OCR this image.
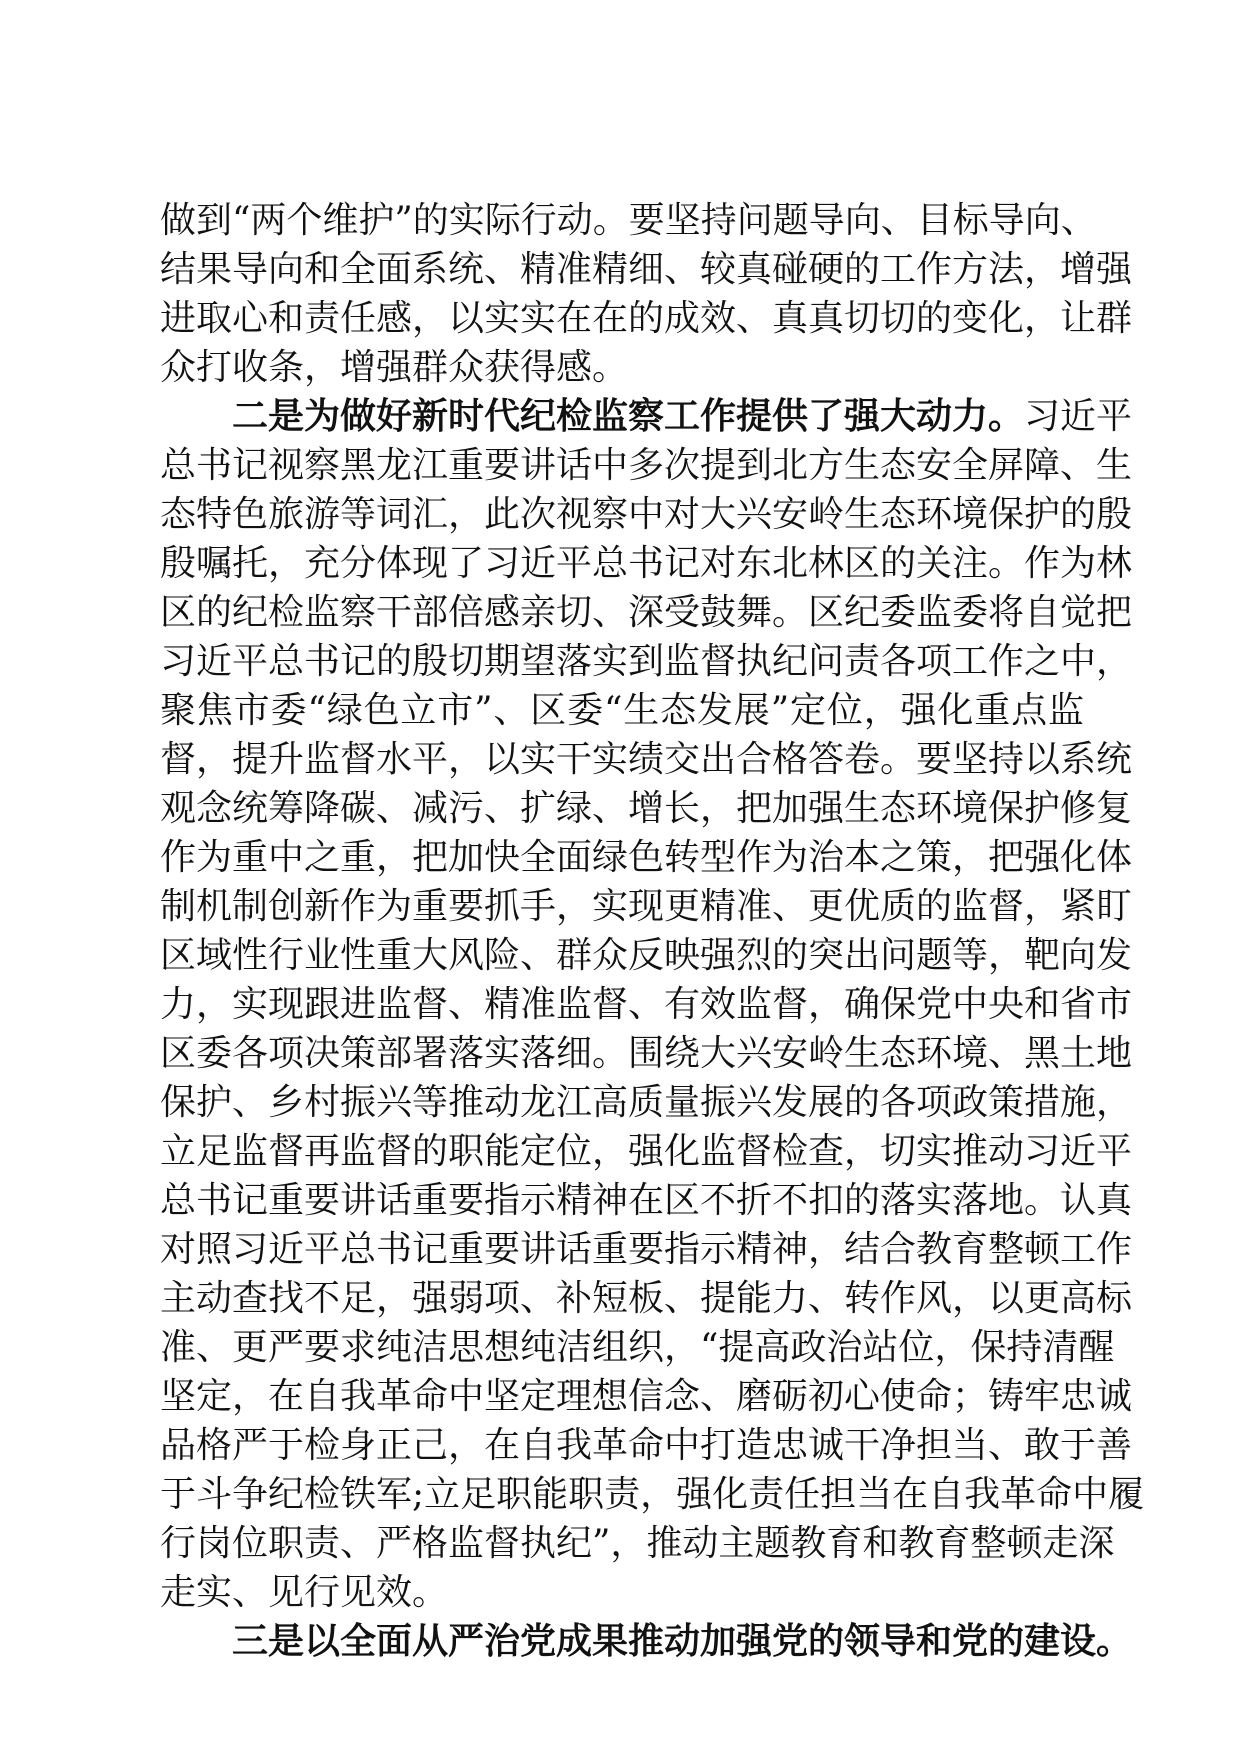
做到“两个维护”的实际行动。要坚持问题导向、目标导向、
结果导向和全面系统、精准精细、较真碰硬的工作方法，增强
进取心和责任感，以实实在在的成效、真真切切的变化，让群
众打收条，增强群众获得感。
二是为做好新时代纪检监察工作提供了强大动力。习近平
总书记视察黑龙江重要讲话中多次提到北方生态安全屏障、生
态特色旅游等词汇，此次视察中对大兴安岭生态环境保护的殷
殷嘱托，充分体现了习近平总书记对东北林区的关注。作为林
区的纪检监察干部倍感亲切、深受鼓舞。区纪委监委将自觉把
习近平总书记的殷切期望落实到监督执纪问责各项工作之中，
聚焦市委“绿色立市”、区委“生态发展”定位，强化重点监
督，提升监督水平，以实干实绩交出合格答卷。要坚持以系统
观念统筹降碳、减污、扩绿、增长，把加强生态环境保护修复
作为重中之重，把加快全面绿色转型作为治本之策，把强化体
制机制创新作为重要抓手，实现更精准、更优质的监督，紧盯
区域性行业性重大风险、群众反映强烈的突出问题等，靶向发
力，实现跟进监督、精准监督、有效监督，确保党中央和省市
区委各项决策部署落实落细。围绕大兴安岭生态环境、黑土地
保护、乡村振兴等推动龙江高质量振兴发展的各项政策措施，
立足监督再监督的职能定位，强化监督检查，切实推动习近平
总书记重要讲话重要指示精神在区不折不扣的落实落地。认真
对照习近平总书记重要讲话重要指示精神，结合教育整顿工作
主动查找不足，强弱项、补短板、提能力、转作风，以更高标
准、更严要求纯洁思想纯洁组织，“提高政治站位，保持清醒
坚定，在自我革命中坚定理想信念、磨砺初心使命；铸牢忠诚
品格严于检身正己，在自我革命中打造忠诚干净担当、敢于善
于斗争纪检铁军;立足职能职责，强化责任担当在自我革命中履
行岗位职责、严格监督执纪”，推动主题教育和教育整顿走深
走实、见行见效。
三是以全面从严治党成果推动加强党的领导和党的建设。
